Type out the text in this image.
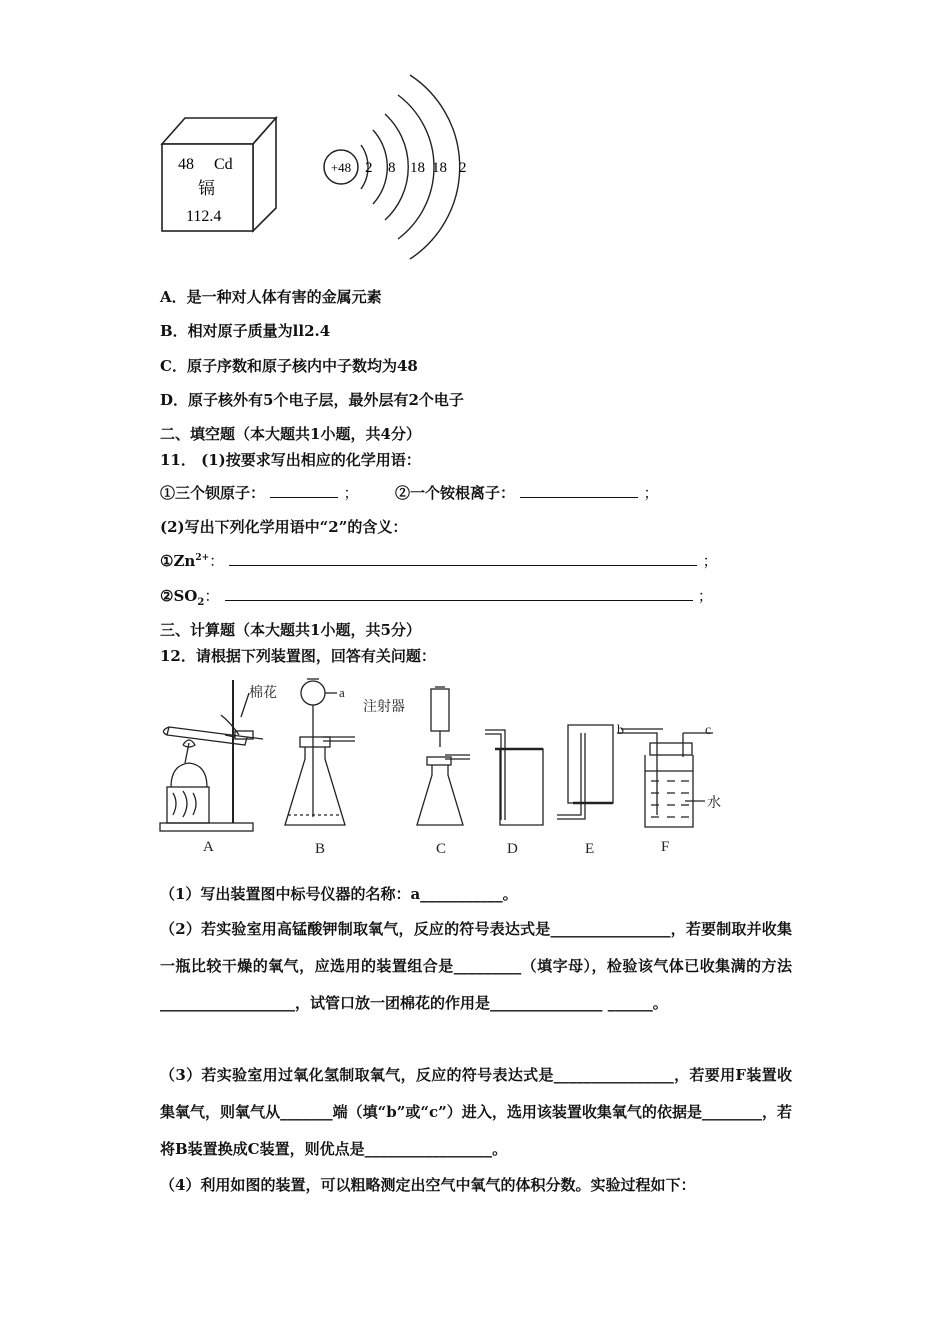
48 Cd
镉
112.4
+48 2 8 18 18 2
A．是一种对人体有害的金属元素
B．相对原子质量为ll2.4
C．原子序数和原子核内中子数均为48
D．原子核外有5个电子层，最外层有2个电子
二、填空题（本大题共1小题，共4分）
11． (1)按要求写出相应的化学用语：
①三个钡原子：	； ②一个铵根离子：	；
(2)写出下列化学用语中“2”的含义：
$①Zn^{2+}$：	；
$②SO_2$：	；
三、计算题（本大题共1小题，共5分）
12．请根据下列装置图，回答有关问题：
棉花
A
a
B
注射器
C	D	E
b	c
水
F
（1）写出装置图中标号仪器的名称：a___________。
（2）若实验室用高锰酸钾制取氧气，反应的符号表达式是________________，若要制取并收集一瓶比较干燥的氧气，应选用的装置组合是_________（填字母），检验该气体已收集满的方法__________________，试管口放一团棉花的作用是_______________ ______。
（3）若实验室用过氧化氢制取氧气，反应的符号表达式是________________，若要用F装置收集氧气，则氧气从_______端（填“b”或“c”）进入，选用该装置收集氧气的依据是________，若将B装置换成C装置，则优点是_________________。
（4）利用如图的装置，可以粗略测定出空气中氧气的体积分数。实验过程如下：
